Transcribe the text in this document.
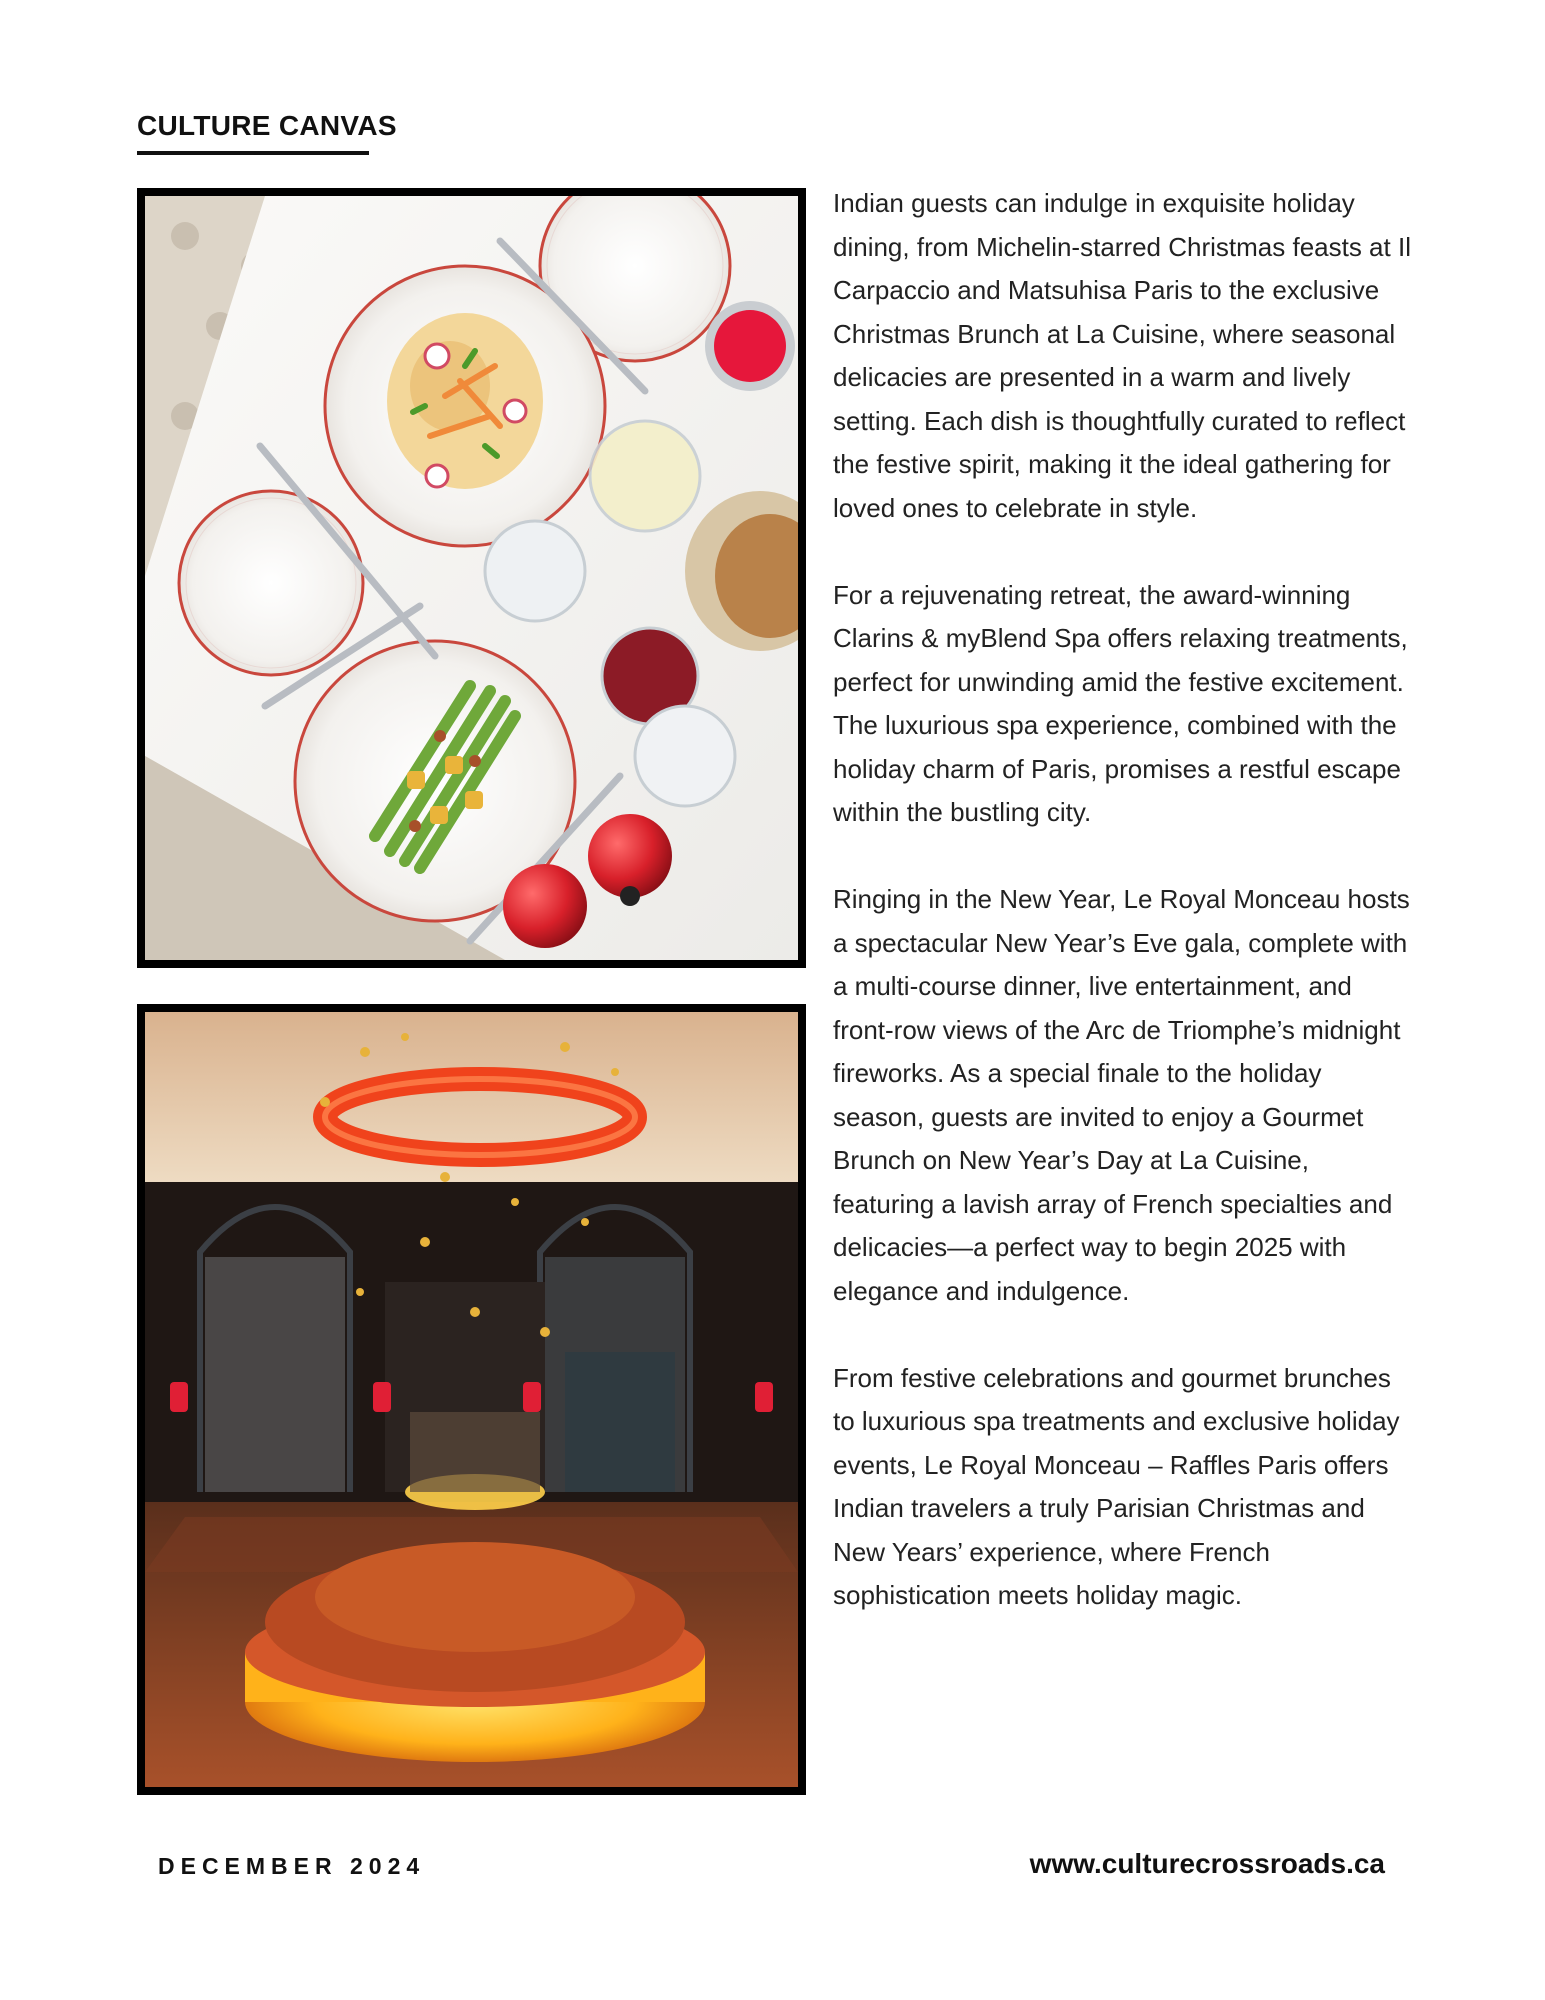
CULTURE CANVAS

Indian guests can indulge in exquisite holiday dining, from Michelin-starred Christmas feasts at Il Carpaccio and Matsuhisa Paris to the exclusive Christmas Brunch at La Cuisine, where seasonal delicacies are presented in a warm and lively setting. Each dish is thoughtfully curated to reflect the festive spirit, making it the ideal gathering for loved ones to celebrate in style.

For a rejuvenating retreat, the award-winning Clarins & myBlend Spa offers relaxing treatments, perfect for unwinding amid the festive excitement. The luxurious spa experience, combined with the holiday charm of Paris, promises a restful escape within the bustling city.

Ringing in the New Year, Le Royal Monceau hosts a spectacular New Year’s Eve gala, complete with a multi-course dinner, live entertainment, and front-row views of the Arc de Triomphe’s midnight fireworks. As a special finale to the holiday season, guests are invited to enjoy a Gourmet Brunch on New Year’s Day at La Cuisine, featuring a lavish array of French specialties and delicacies—a perfect way to begin 2025 with elegance and indulgence.

From festive celebrations and gourmet brunches to luxurious spa treatments and exclusive holiday events, Le Royal Monceau – Raffles Paris offers Indian travelers a truly Parisian Christmas and New Years’ experience, where French sophistication meets holiday magic.

DECEMBER 2024	www.culturecrossroads.ca
